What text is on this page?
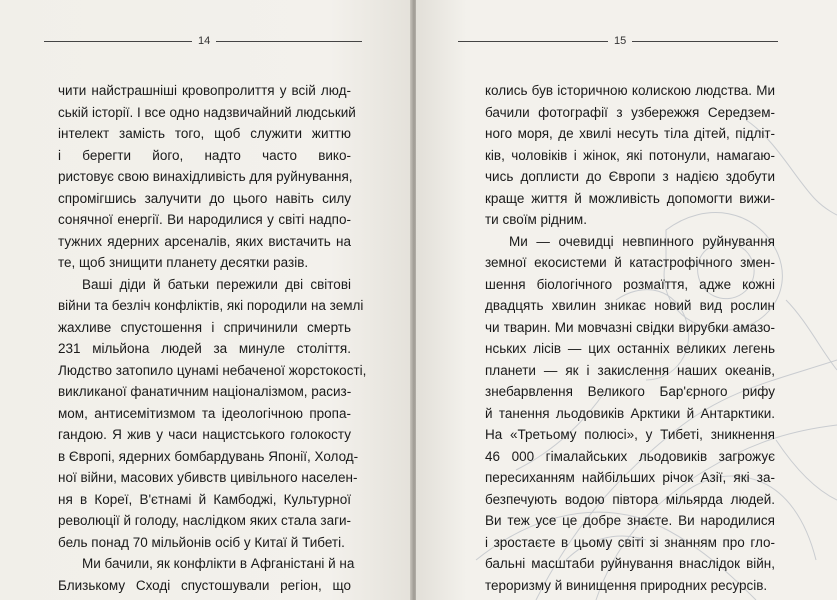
14
чити найстрашніші кровопролиття у всій люд-
ській історії. І все одно надзвичайний людський
інтелект замість того, щоб служити життю
і берегти його, надто часто вико-
ристовує свою винахідливість для руйнування,
спромігшись залучити до цього навіть силу
сонячної енергії. Ви народилися у світі надпо-
тужних ядерних арсеналів, яких вистачить на
те, щоб знищити планету десятки разів.
Ваші діди й батьки пережили дві світові
війни та безліч конфліктів, які породили на землі
жахливе спустошення і спричинили смерть
231 мільйона людей за минуле століття.
Людство затопило цунамі небаченої жорстокості,
викликаної фанатичним націоналізмом, расиз-
мом, антисемітизмом та ідеологічною пропа-
гандою. Я жив у часи нацистського голокосту
в Європі, ядерних бомбардувань Японії, Холод-
ної війни, масових убивств цивільного населен-
ня в Кореї, В'єтнамі й Камбоджі, Культурної
революції й голоду, наслідком яких стала заги-
бель понад 70 мільйонів осіб у Китаї й Тибеті.
Ми бачили, як конфлікти в Афганістані й на
Близькому Сході спустошували регіон, що
15
колись був історичною колискою людства. Ми
бачили фотографії з узбережжя Середзем-
ного моря, де хвилі несуть тіла дітей, підліт-
ків, чоловіків і жінок, які потонули, намагаю-
чись доплисти до Європи з надією здобути
краще життя й можливість допомогти вижи-
ти своїм рідним.
Ми — очевидці невпинного руйнування
земної екосистеми й катастрофічного змен-
шення біологічного розмаїття, адже кожні
двадцять хвилин зникає новий вид рослин
чи тварин. Ми мовчазні свідки вирубки амазо-
нських лісів — цих останніх великих легень
планети — як і закислення наших океанів,
знебарвлення Великого Бар'єрного рифу
й танення льодовиків Арктики й Антарктики.
На «Третьому полюсі», у Тибеті, зникнення
46 000 гімалайських льодовиків загрожує
пересиханням найбільших річок Азії, які за-
безпечують водою півтора мільярда людей.
Ви теж усе це добре знаєте. Ви народилися
і зростаєте в цьому світі зі знанням про гло-
бальні масштаби руйнування внаслідок війн,
тероризму й винищення природних ресурсів.
